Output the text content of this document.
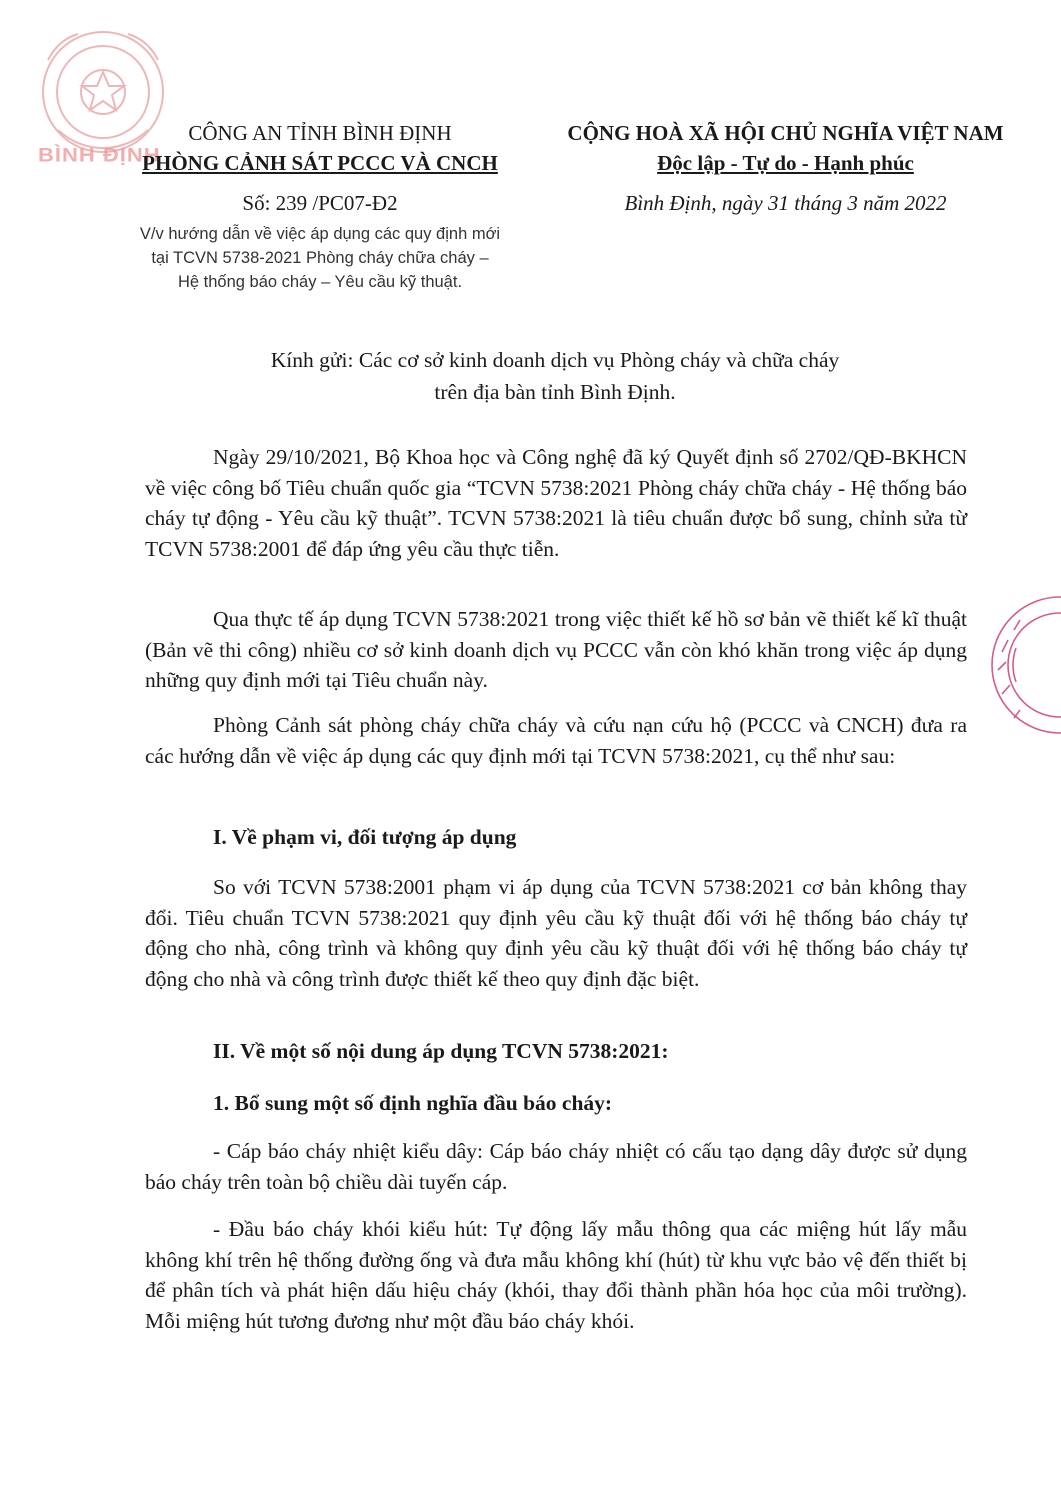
BÌNH ĐỊNH
CÔNG AN TỈNH BÌNH ĐỊNH
PHÒNG CẢNH SÁT PCCC VÀ CNCH
Số: 239 /PC07-Đ2
V/v hướng dẫn về việc áp dụng các quy định mới
tại TCVN 5738-2021 Phòng cháy chữa cháy –
Hệ thống báo cháy – Yêu cầu kỹ thuật.
CỘNG HOÀ XÃ HỘI CHỦ NGHĨA VIỆT NAM
Độc lập - Tự do - Hạnh phúc
Bình Định, ngày 31 tháng 3 năm 2022
Kính gửi: Các cơ sở kinh doanh dịch vụ Phòng cháy và chữa cháy
trên địa bàn tỉnh Bình Định.
Ngày 29/10/2021, Bộ Khoa học và Công nghệ đã ký Quyết định số 2702/QĐ-BKHCN về việc công bố Tiêu chuẩn quốc gia “TCVN 5738:2021 Phòng cháy chữa cháy - Hệ thống báo cháy tự động - Yêu cầu kỹ thuật”. TCVN 5738:2021 là tiêu chuẩn được bổ sung, chỉnh sửa từ TCVN 5738:2001 để đáp ứng yêu cầu thực tiễn.
Qua thực tế áp dụng TCVN 5738:2021 trong việc thiết kế hồ sơ bản vẽ thiết kế kĩ thuật (Bản vẽ thi công) nhiều cơ sở kinh doanh dịch vụ PCCC vẫn còn khó khăn trong việc áp dụng những quy định mới tại Tiêu chuẩn này.
Phòng Cảnh sát phòng cháy chữa cháy và cứu nạn cứu hộ (PCCC và CNCH) đưa ra các hướng dẫn về việc áp dụng các quy định mới tại TCVN 5738:2021, cụ thể như sau:
I. Về phạm vi, đối tượng áp dụng
So với TCVN 5738:2001 phạm vi áp dụng của TCVN 5738:2021 cơ bản không thay đổi. Tiêu chuẩn TCVN 5738:2021 quy định yêu cầu kỹ thuật đối với hệ thống báo cháy tự động cho nhà, công trình và không quy định yêu cầu kỹ thuật đối với hệ thống báo cháy tự động cho nhà và công trình được thiết kế theo quy định đặc biệt.
II. Về một số nội dung áp dụng TCVN 5738:2021:
1. Bổ sung một số định nghĩa đầu báo cháy:
- Cáp báo cháy nhiệt kiểu dây: Cáp báo cháy nhiệt có cấu tạo dạng dây được sử dụng báo cháy trên toàn bộ chiều dài tuyến cáp.
- Đầu báo cháy khói kiểu hút: Tự động lấy mẫu thông qua các miệng hút lấy mẫu không khí trên hệ thống đường ống và đưa mẫu không khí (hút) từ khu vực bảo vệ đến thiết bị để phân tích và phát hiện dấu hiệu cháy (khói, thay đổi thành phần hóa học của môi trường). Mỗi miệng hút tương đương như một đầu báo cháy khói.
